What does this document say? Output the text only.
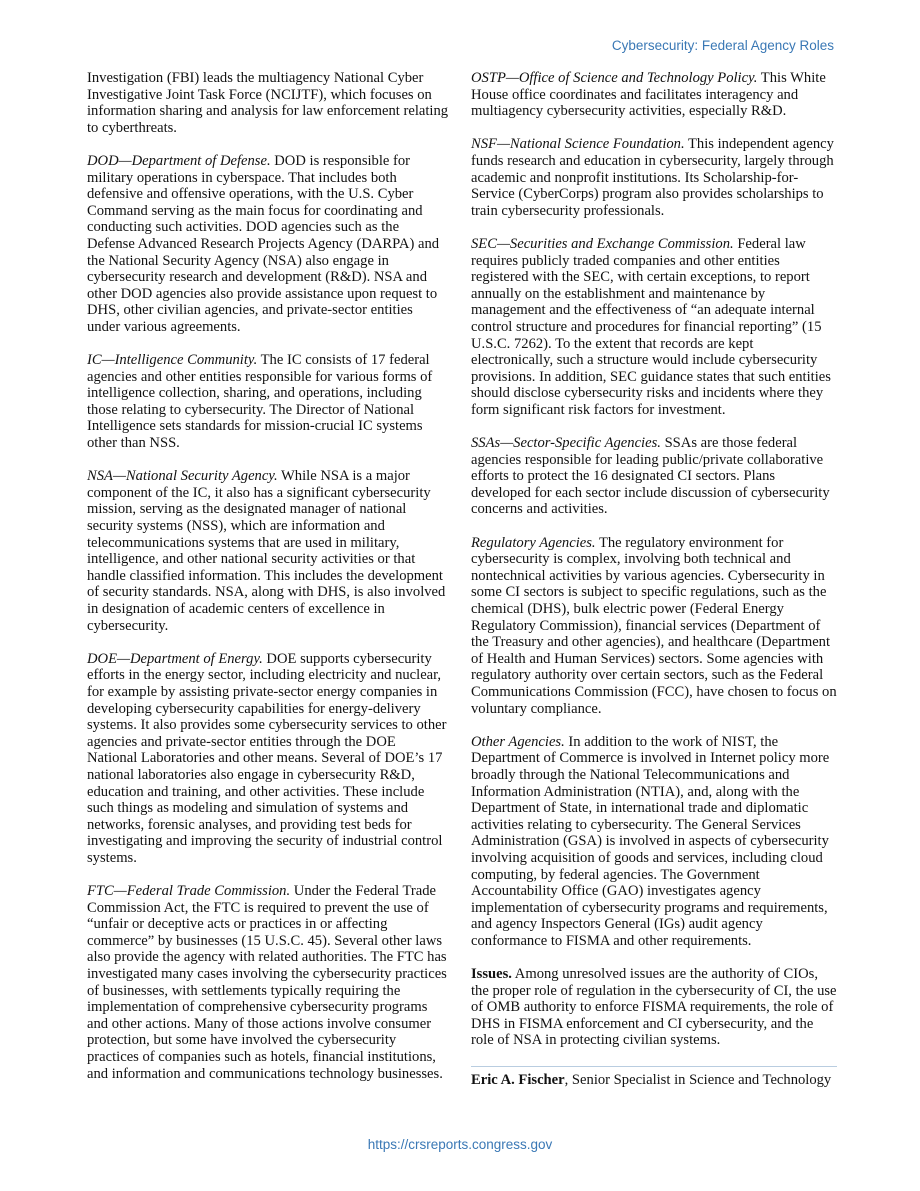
Cybersecurity: Federal Agency Roles

Investigation (FBI) leads the multiagency National Cyber Investigative Joint Task Force (NCIJTF), which focuses on information sharing and analysis for law enforcement relating to cyberthreats.

DOD—Department of Defense. DOD is responsible for military operations in cyberspace. That includes both defensive and offensive operations, with the U.S. Cyber Command serving as the main focus for coordinating and conducting such activities. DOD agencies such as the Defense Advanced Research Projects Agency (DARPA) and the National Security Agency (NSA) also engage in cybersecurity research and development (R&D). NSA and other DOD agencies also provide assistance upon request to DHS, other civilian agencies, and private-sector entities under various agreements.

IC—Intelligence Community. The IC consists of 17 federal agencies and other entities responsible for various forms of intelligence collection, sharing, and operations, including those relating to cybersecurity. The Director of National Intelligence sets standards for mission-crucial IC systems other than NSS.

NSA—National Security Agency. While NSA is a major component of the IC, it also has a significant cybersecurity mission, serving as the designated manager of national security systems (NSS), which are information and telecommunications systems that are used in military, intelligence, and other national security activities or that handle classified information. This includes the development of security standards. NSA, along with DHS, is also involved in designation of academic centers of excellence in cybersecurity.

DOE—Department of Energy. DOE supports cybersecurity efforts in the energy sector, including electricity and nuclear, for example by assisting private-sector energy companies in developing cybersecurity capabilities for energy-delivery systems. It also provides some cybersecurity services to other agencies and private-sector entities through the DOE National Laboratories and other means. Several of DOE’s 17 national laboratories also engage in cybersecurity R&D, education and training, and other activities. These include such things as modeling and simulation of systems and networks, forensic analyses, and providing test beds for investigating and improving the security of industrial control systems.

FTC—Federal Trade Commission. Under the Federal Trade Commission Act, the FTC is required to prevent the use of “unfair or deceptive acts or practices in or affecting commerce” by businesses (15 U.S.C. 45). Several other laws also provide the agency with related authorities. The FTC has investigated many cases involving the cybersecurity practices of businesses, with settlements typically requiring the implementation of comprehensive cybersecurity programs and other actions. Many of those actions involve consumer protection, but some have involved the cybersecurity practices of companies such as hotels, financial institutions, and information and communications technology businesses.

OSTP—Office of Science and Technology Policy. This White House office coordinates and facilitates interagency and multiagency cybersecurity activities, especially R&D.

NSF—National Science Foundation. This independent agency funds research and education in cybersecurity, largely through academic and nonprofit institutions. Its Scholarship-for-Service (CyberCorps) program also provides scholarships to train cybersecurity professionals.

SEC—Securities and Exchange Commission. Federal law requires publicly traded companies and other entities registered with the SEC, with certain exceptions, to report annually on the establishment and maintenance by management and the effectiveness of “an adequate internal control structure and procedures for financial reporting” (15 U.S.C. 7262). To the extent that records are kept electronically, such a structure would include cybersecurity provisions. In addition, SEC guidance states that such entities should disclose cybersecurity risks and incidents where they form significant risk factors for investment.

SSAs—Sector-Specific Agencies. SSAs are those federal agencies responsible for leading public/private collaborative efforts to protect the 16 designated CI sectors. Plans developed for each sector include discussion of cybersecurity concerns and activities.

Regulatory Agencies. The regulatory environment for cybersecurity is complex, involving both technical and nontechnical activities by various agencies. Cybersecurity in some CI sectors is subject to specific regulations, such as the chemical (DHS), bulk electric power (Federal Energy Regulatory Commission), financial services (Department of the Treasury and other agencies), and healthcare (Department of Health and Human Services) sectors. Some agencies with regulatory authority over certain sectors, such as the Federal Communications Commission (FCC), have chosen to focus on voluntary compliance.

Other Agencies. In addition to the work of NIST, the Department of Commerce is involved in Internet policy more broadly through the National Telecommunications and Information Administration (NTIA), and, along with the Department of State, in international trade and diplomatic activities relating to cybersecurity. The General Services Administration (GSA) is involved in aspects of cybersecurity involving acquisition of goods and services, including cloud computing, by federal agencies. The Government Accountability Office (GAO) investigates agency implementation of cybersecurity programs and requirements, and agency Inspectors General (IGs) audit agency conformance to FISMA and other requirements.

Issues. Among unresolved issues are the authority of CIOs, the proper role of regulation in the cybersecurity of CI, the use of OMB authority to enforce FISMA requirements, the role of DHS in FISMA enforcement and CI cybersecurity, and the role of NSA in protecting civilian systems.

Eric A. Fischer, Senior Specialist in Science and Technology

https://crsreports.congress.gov
